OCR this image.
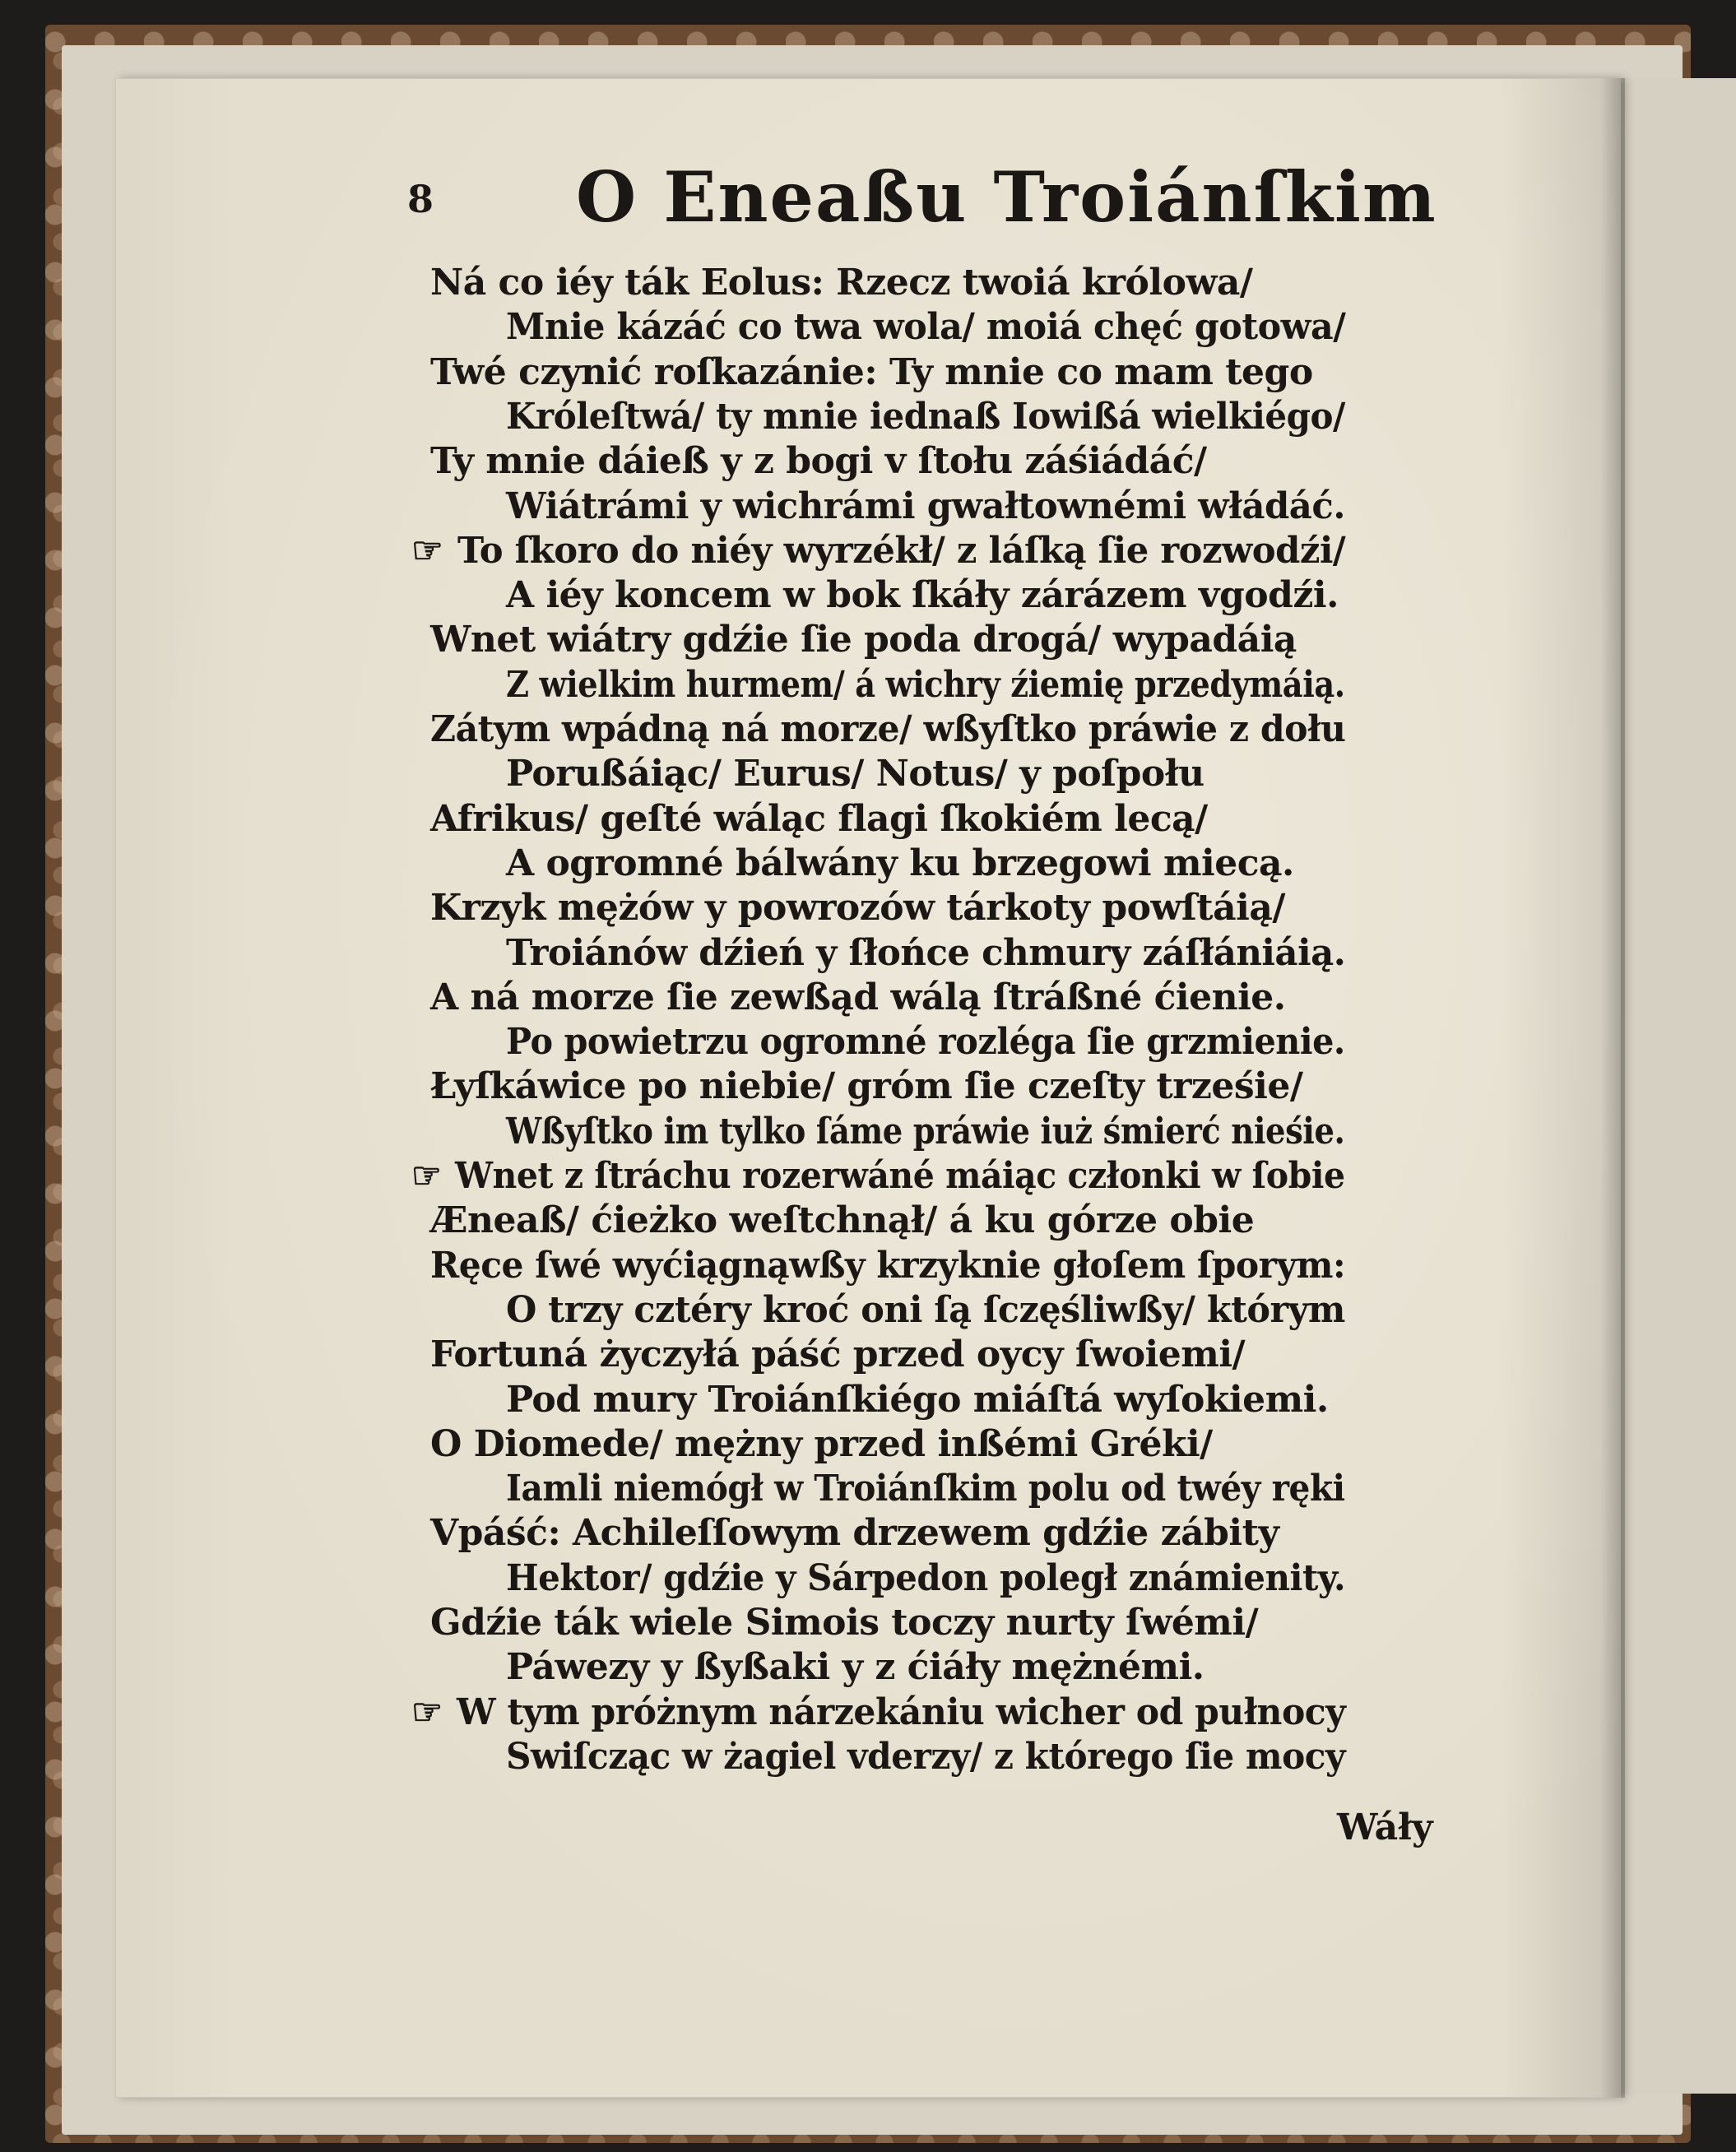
8 O Eneaßu Troiánſkim
Ná co iéy ták Eolus: Rzecz twoiá królowa/
Mnie kázáć co twa wola/ moiá chęć gotowa/
Twé czynić roſkazánie: Ty mnie co mam tego
Króleſtwá/ ty mnie iednaß Iowißá wielkiégo/
Ty mnie dáieß y z bogi v ſtołu záśiádáć/
Wiátrámi y wichrámi gwałtownémi włádáć.
☞ To ſkoro do niéy wyrzékł/ z láſką ſie rozwodźi/
A iéy koncem w bok ſkáły zárázem vgodźi.
Wnet wiátry gdźie ſie poda drogá/ wypadáią
Z wielkim hurmem/ á wichry źiemię przedymáią.
Zátym wpádną ná morze/ wßyſtko práwie z dołu
Porußáiąc/ Eurus/ Notus/ y poſpołu
Afrikus/ geſté wáląc flagi ſkokiém lecą/
A ogromné bálwány ku brzegowi miecą.
Krzyk mężów y powrozów tárkoty powſtáią/
Troiánów dźień y ſłońce chmury záſłániáią.
A ná morze ſie zewßąd wálą ſtráßné ćienie.
Po powietrzu ogromné rozléga ſie grzmienie.
Łyſkáwice po niebie/ gróm ſie czeſty trześie/
Wßyſtko im tylko ſáme práwie iuż śmierć nieśie.
☞ Wnet z ſtráchu rozerwáné máiąc członki w ſobie
Æneaß/ ćieżko weſtchnął/ á ku górze obie
Ręce ſwé wyćiągnąwßy krzyknie głoſem ſporym:
O trzy cztéry kroć oni ſą ſczęśliwßy/ którym
Fortuná życzyłá páść przed oycy ſwoiemi/
Pod mury Troiánſkiégo miáſtá wyſokiemi.
O Diomede/ mężny przed inßémi Gréki/
Iamli niemógł w Troiánſkim polu od twéy ręki
Vpáść: Achileſſowym drzewem gdźie zábity
Hektor/ gdźie y Sárpedon poległ známienity.
Gdźie ták wiele Simois toczy nurty ſwémi/
Páwezy y ßyßaki y z ćiáły mężnémi.
☞ W tym próżnym nárzekániu wicher od pułnocy
Swiſcząc w żagiel vderzy/ z którego ſie mocy
Wáły
